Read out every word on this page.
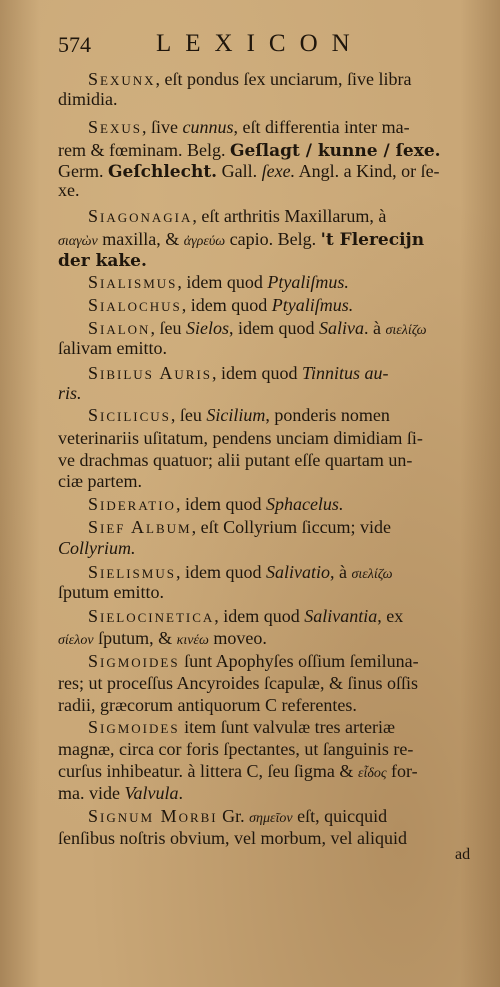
574	LEXICON
Sexunx, eſt pondus ſex unciarum, ſive libra
dimidia.
Sexus, ſive cunnus, eſt differentia inter ma-
rem & fœminam. Belg. Geſlagt / kunne / ſexe.
Germ. Geſchlecht. Gall. ſexe. Angl. a Kind, or ſe-
xe.
Siagonagia, eſt arthritis Maxillarum, à
σιαγὼν maxilla, & ἀγρεύω capio. Belg. 't Flerecijn
der kake.
Sialismus, idem quod Ptyaliſmus.
Sialochus, idem quod Ptyaliſmus.
Sialon, ſeu Sielos, idem quod Saliva. à σιελίζω
ſalivam emitto.
Sibilus Auris, idem quod Tinnitus au-
ris.
Sicilicus, ſeu Sicilium, ponderis nomen
veterinariis uſitatum, pendens unciam dimidiam ſi-
ve drachmas quatuor; alii putant eſſe quartam un-
ciæ partem.
Sideratio, idem quod Sphacelus.
Sief Album, eſt Collyrium ſiccum; vide
Collyrium.
Sielismus, idem quod Salivatio, à σιελίζω
ſputum emitto.
Sielocinetica, idem quod Salivantia, ex
σίελον ſputum, & κινέω moveo.
Sigmoides ſunt Apophyſes oſſium ſemiluna-
res; ut proceſſus Ancyroides ſcapulæ, & ſinus oſſis
radii, græcorum antiquorum C referentes.
Sigmoides item ſunt valvulæ tres arteriæ
magnæ, circa cor foris ſpectantes, ut ſanguinis re-
curſus inhibeatur. à littera C, ſeu ſigma & εἶδος for-
ma. vide Valvula.
Signum Morbi Gr. σημεῖον eſt, quicquid
ſenſibus noſtris obvium, vel morbum, vel aliquid
ad
